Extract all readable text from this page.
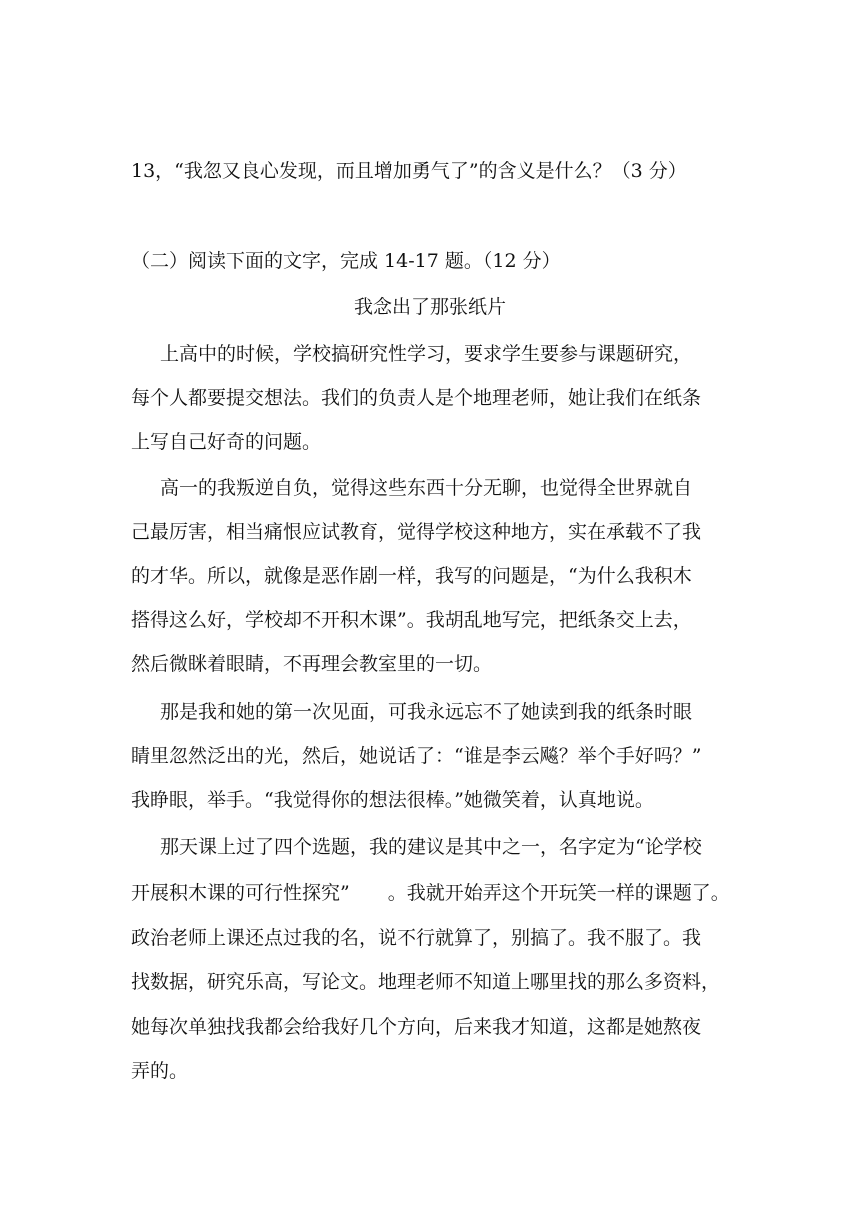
13，“我忽又良心发现，而且增加勇气了”的含义是什么？（3 分）
（二）阅读下面的文字，完成 14-17 题。（12 分）
我念出了那张纸片
上高中的时候，学校搞研究性学习，要求学生要参与课题研究，
每个人都要提交想法。我们的负责人是个地理老师，她让我们在纸条
上写自己好奇的问题。
高一的我叛逆自负，觉得这些东西十分无聊，也觉得全世界就自
己最厉害，相当痛恨应试教育，觉得学校这种地方，实在承载不了我
的才华。所以，就像是恶作剧一样，我写的问题是，“为什么我积木
搭得这么好，学校却不开积木课”。我胡乱地写完，把纸条交上去，
然后微眯着眼睛，不再理会教室里的一切。
那是我和她的第一次见面，可我永远忘不了她读到我的纸条时眼
睛里忽然泛出的光，然后，她说话了：“谁是李云飚？举个手好吗？”
我睁眼，举手。“我觉得你的想法很棒。”她微笑着，认真地说。
那天课上过了四个选题，我的建议是其中之一，名字定为“论学校
开展积木课的可行性探究”　　。我就开始弄这个开玩笑一样的课题了。
政治老师上课还点过我的名，说不行就算了，别搞了。我不服了。我
找数据，研究乐高，写论文。地理老师不知道上哪里找的那么多资料，
她每次单独找我都会给我好几个方向，后来我才知道，这都是她熬夜
弄的。
